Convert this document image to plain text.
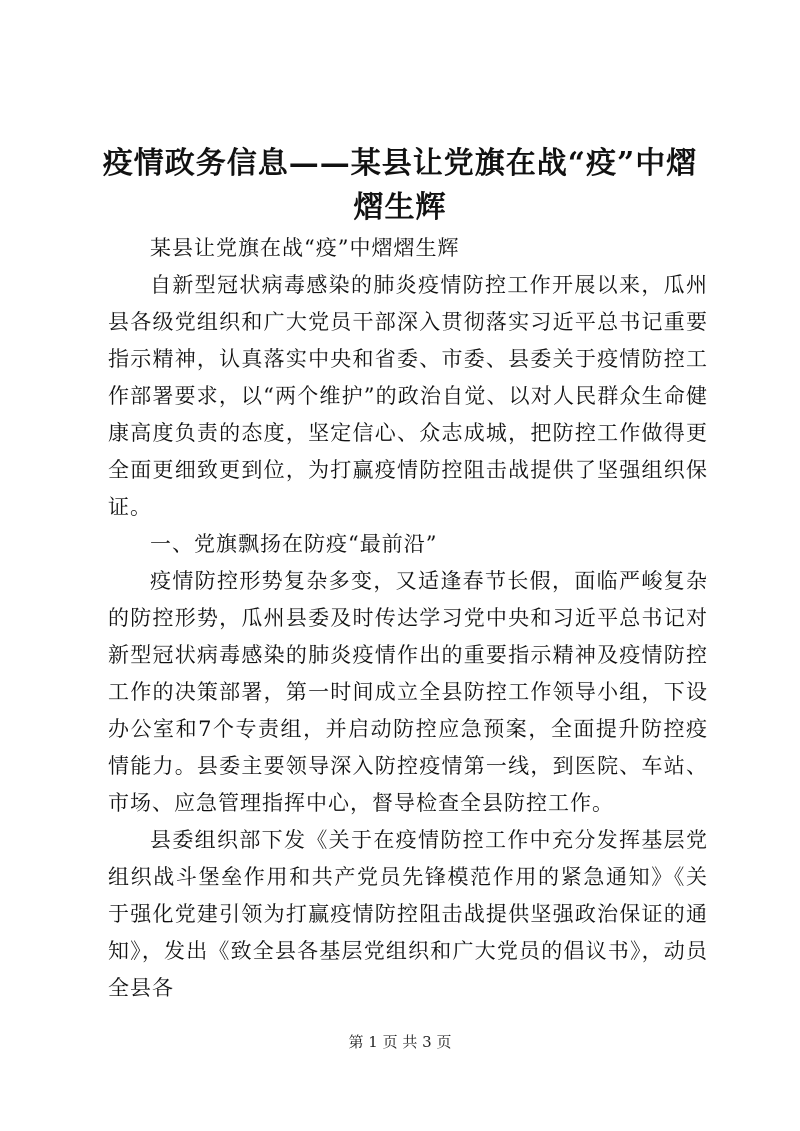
疫情政务信息——某县让党旗在战“疫”中熠熠生辉

某县让党旗在战“疫”中熠熠生辉

自新型冠状病毒感染的肺炎疫情防控工作开展以来，瓜州县各级党组织和广大党员干部深入贯彻落实习近平总书记重要指示精神，认真落实中央和省委、市委、县委关于疫情防控工作部署要求，以“两个维护”的政治自觉、以对人民群众生命健康高度负责的态度，坚定信心、众志成城，把防控工作做得更全面更细致更到位，为打赢疫情防控阻击战提供了坚强组织保证。

一、党旗飘扬在防疫“最前沿”

疫情防控形势复杂多变，又适逢春节长假，面临严峻复杂的防控形势，瓜州县委及时传达学习党中央和习近平总书记对新型冠状病毒感染的肺炎疫情作出的重要指示精神及疫情防控工作的决策部署，第一时间成立全县防控工作领导小组，下设办公室和7个专责组，并启动防控应急预案，全面提升防控疫情能力。县委主要领导深入防控疫情第一线，到医院、车站、市场、应急管理指挥中心，督导检查全县防控工作。

县委组织部下发《关于在疫情防控工作中充分发挥基层党组织战斗堡垒作用和共产党员先锋模范作用的紧急通知》《关于强化党建引领为打赢疫情防控阻击战提供坚强政治保证的通知》，发出《致全县各基层党组织和广大党员的倡议书》，动员全县各

第 1 页 共 3 页
